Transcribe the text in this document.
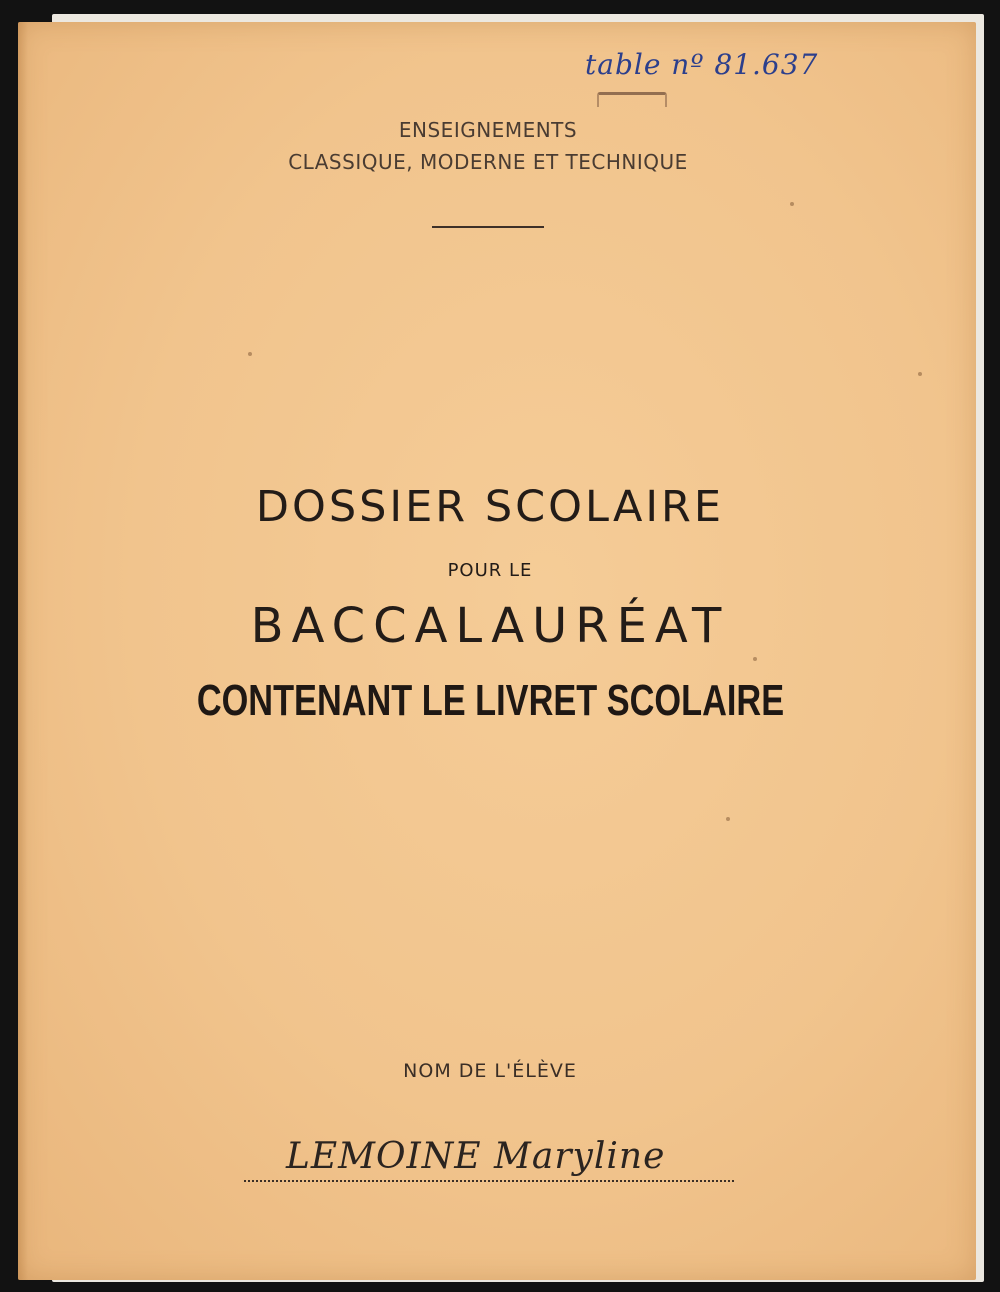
table nº 81.637
ENSEIGNEMENTS
CLASSIQUE, MODERNE ET TECHNIQUE
DOSSIER SCOLAIRE
POUR LE
BACCALAURÉAT
CONTENANT LE LIVRET SCOLAIRE
NOM DE L'ÉLÈVE
LEMOINE Maryline
